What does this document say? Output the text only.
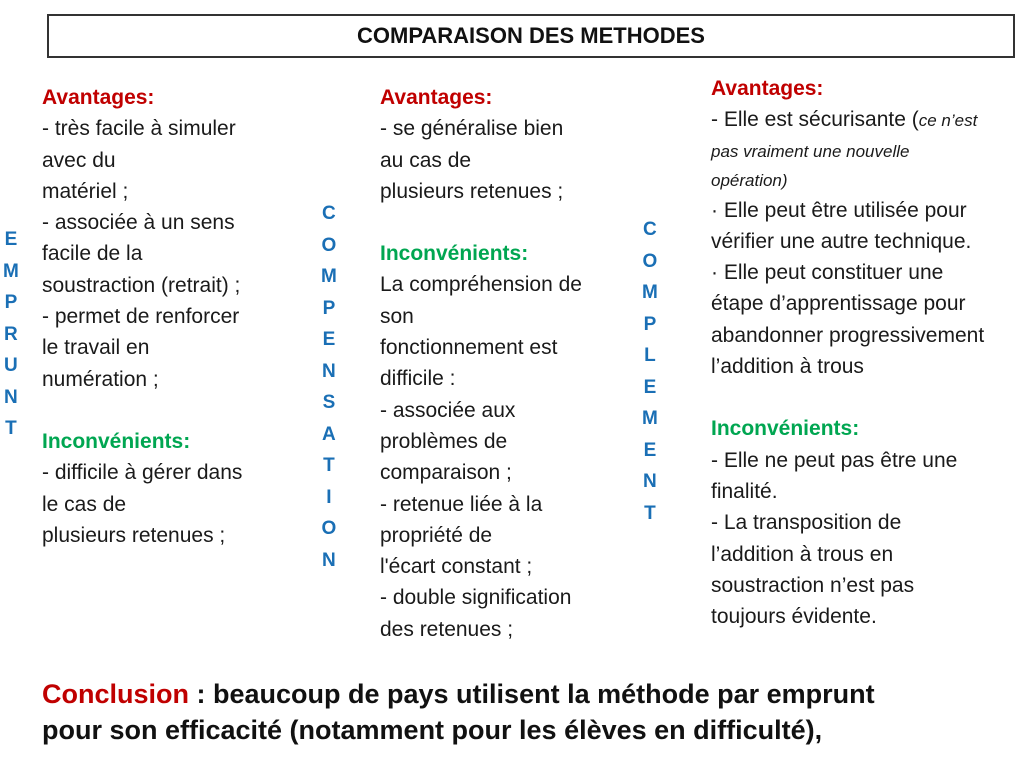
COMPARAISON DES METHODES
E
M
P
R
U
N
T
C
O
M
P
E
N
S
A
T
I
O
N
C
O
M
P
L
E
M
E
N
T
Avantages:
- très facile à simuler
avec du
matériel ;
- associée à un sens
facile de la
soustraction (retrait) ;
- permet de renforcer
le travail en
numération ;
Inconvénients:
- difficile à gérer dans
le cas de
plusieurs retenues ;
Avantages:
- se généralise bien
au cas de
plusieurs retenues ;
Inconvénients:
La compréhension de
son
fonctionnement est
difficile :
- associée aux
problèmes de
comparaison ;
- retenue liée à la
propriété de
l'écart constant ;
- double signification
des retenues ;
Avantages:
- Elle est sécurisante (ce n’est
pas vraiment une nouvelle
opération)
· Elle peut être utilisée pour
vérifier une autre technique.
· Elle peut constituer une
étape d’apprentissage pour
abandonner progressivement
l’addition à trous
Inconvénients:
- Elle ne peut pas être une
finalité.
- La transposition de
l’addition à trous en
soustraction n’est pas
toujours évidente.
Conclusion : beaucoup de pays utilisent la méthode par emprunt
pour son efficacité (notamment pour les élèves en difficulté),
